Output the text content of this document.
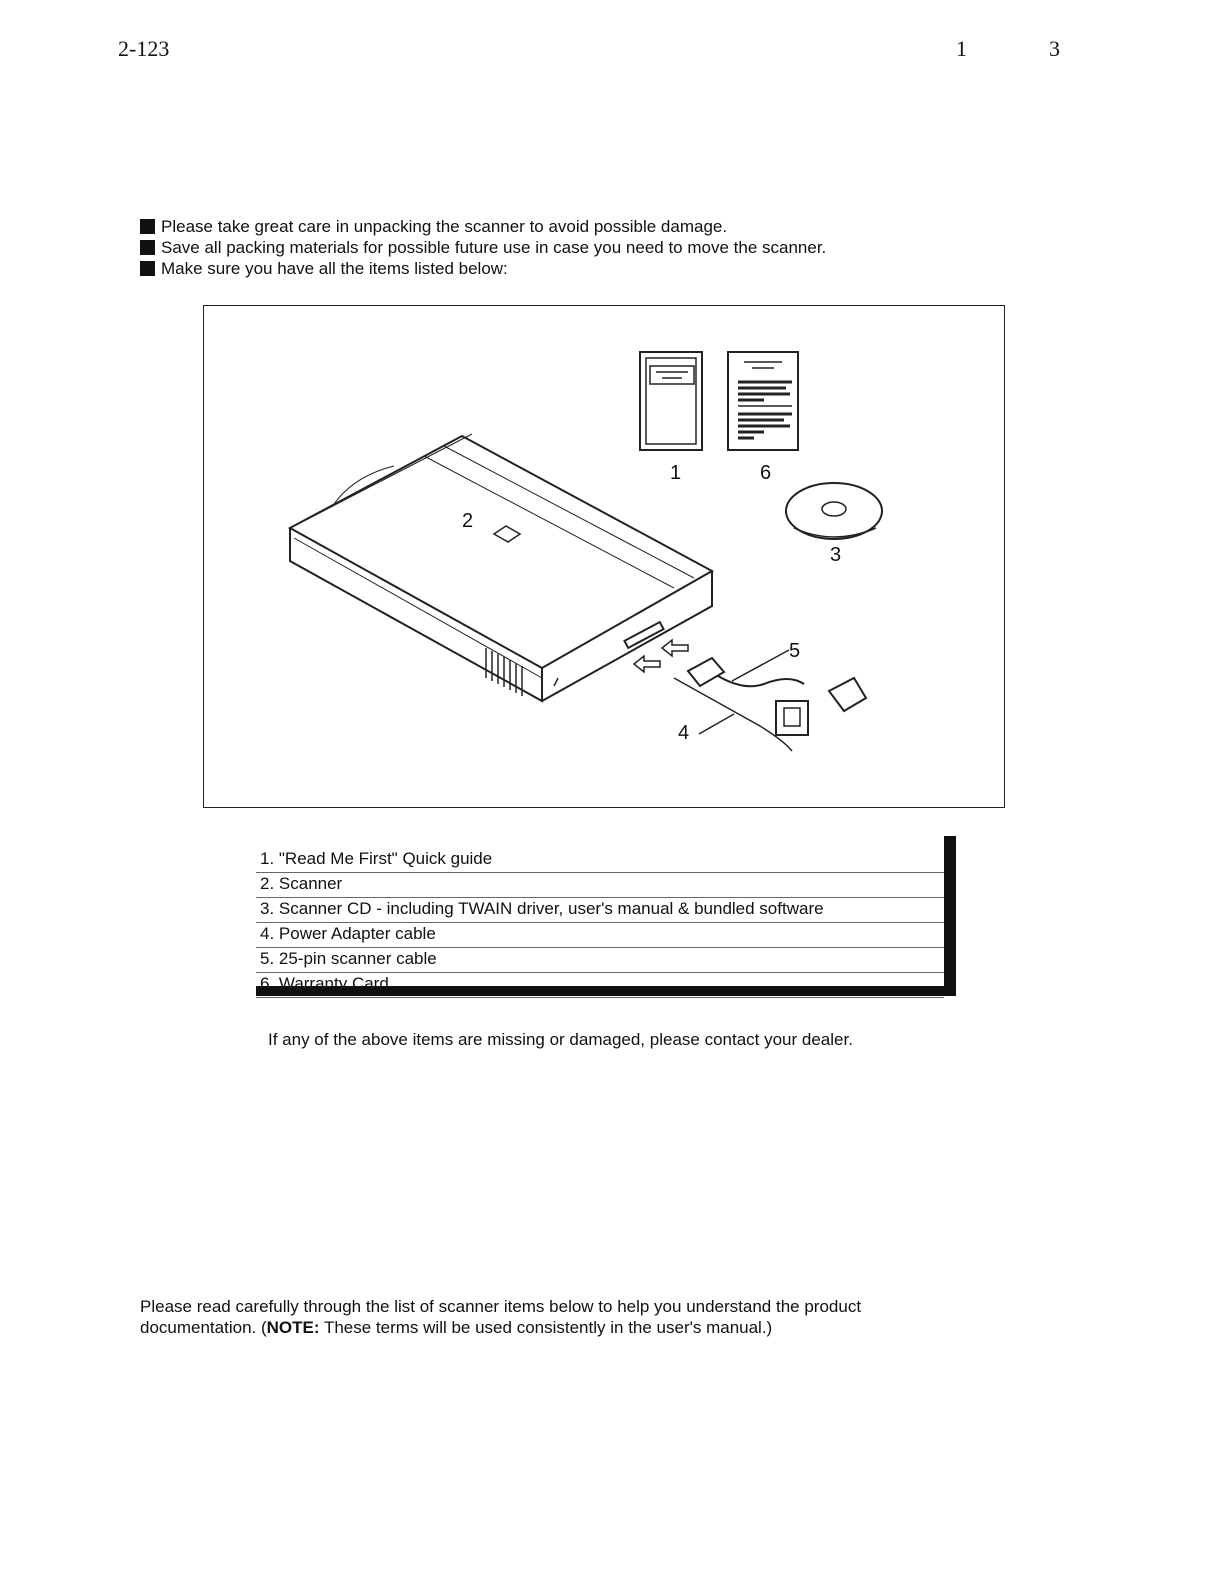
2-123	1	3
Please take great care in unpacking the scanner to avoid possible damage.
Save all packing materials for possible future use in case you need to move the scanner.
Make sure you have all the items listed below:
1	6
2
3
5
4
1. "Read Me First" Quick guide
2. Scanner
3. Scanner CD - including TWAIN driver, user's manual & bundled software
4. Power Adapter cable
5. 25-pin scanner cable
6. Warranty Card
If any of the above items are missing or damaged, please contact your dealer.
Please read carefully through the list of scanner items below to help you understand the product
documentation. (NOTE: These terms will be used consistently in the user's manual.)
